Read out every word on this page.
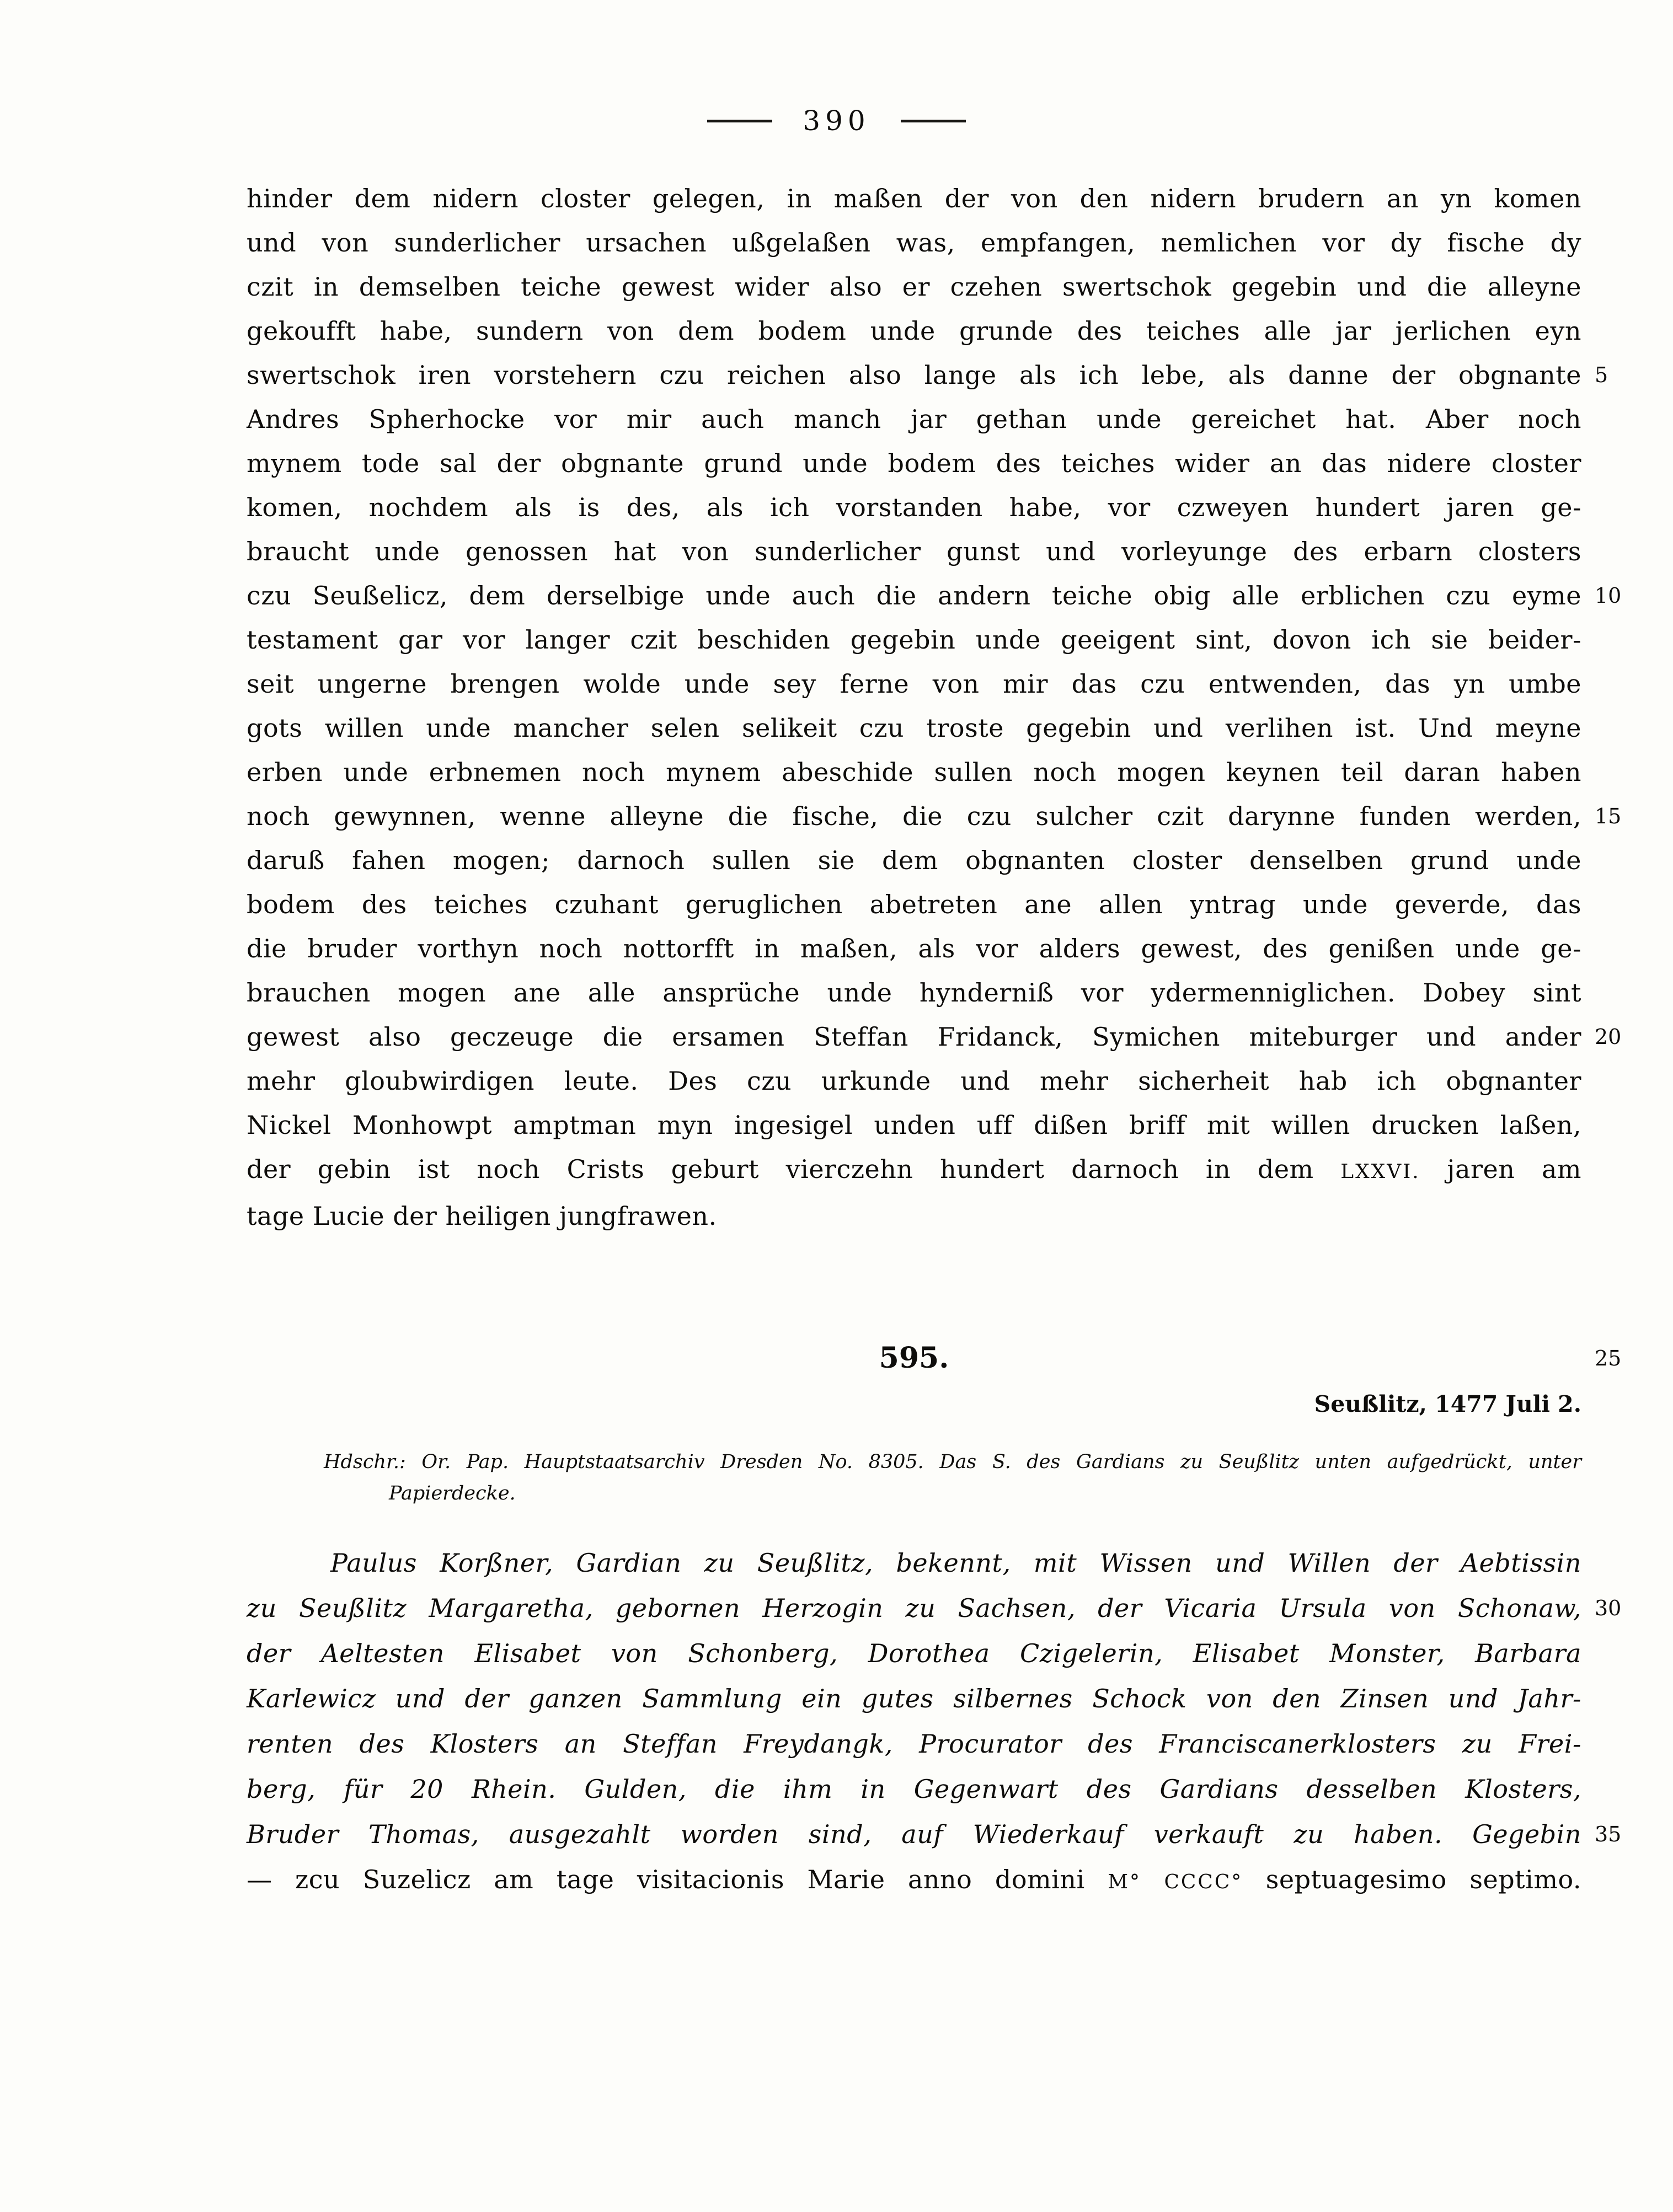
390
hinder dem nidern closter gelegen, in maßen der von den nidern brudern an yn komen
und von sunderlicher ursachen ußgelaßen was, empfangen, nemlichen vor dy fische dy
czit in demselben teiche gewest wider also er czehen swertschok gegebin und die alleyne
gekoufft habe, sundern von dem bodem unde grunde des teiches alle jar jerlichen eyn
swertschok iren vorstehern czu reichen also lange als ich lebe, als danne der obgnante 5
Andres Spherhocke vor mir auch manch jar gethan unde gereichet hat. Aber noch
mynem tode sal der obgnante grund unde bodem des teiches wider an das nidere closter
komen, nochdem als is des, als ich vorstanden habe, vor czweyen hundert jaren ge-
braucht unde genossen hat von sunderlicher gunst und vorleyunge des erbarn closters
czu Seußelicz, dem derselbige unde auch die andern teiche obig alle erblichen czu eyme 10
testament gar vor langer czit beschiden gegebin unde geeigent sint, dovon ich sie beider-
seit ungerne brengen wolde unde sey ferne von mir das czu entwenden, das yn umbe
gots willen unde mancher selen selikeit czu troste gegebin und verlihen ist. Und meyne
erben unde erbnemen noch mynem abeschide sullen noch mogen keynen teil daran haben
noch gewynnen, wenne alleyne die fische, die czu sulcher czit darynne funden werden, 15
daruß fahen mogen; darnoch sullen sie dem obgnanten closter denselben grund unde
bodem des teiches czuhant geruglichen abetreten ane allen yntrag unde geverde, das
die bruder vorthyn noch nottorfft in maßen, als vor alders gewest, des genißen unde ge-
brauchen mogen ane alle ansprüche unde hynderniß vor ydermenniglichen. Dobey sint
gewest also geczeuge die ersamen Steffan Fridanck, Symichen miteburger und ander 20
mehr gloubwirdigen leute. Des czu urkunde und mehr sicherheit hab ich obgnanter
Nickel Monhowpt amptman myn ingesigel unden uff dißen briff mit willen drucken laßen,
der gebin ist noch Crists geburt vierczehn hundert darnoch in dem LXXVI. jaren am
tage Lucie der heiligen jungfrawen.
595.	25
Seußlitz, 1477 Juli 2.
Hdschr.: Or. Pap. Hauptstaatsarchiv Dresden No. 8305. Das S. des Gardians zu Seußlitz unten aufgedrückt, unter
Papierdecke.
Paulus Korßner, Gardian zu Seußlitz, bekennt, mit Wissen und Willen der Aebtissin
zu Seußlitz Margaretha, gebornen Herzogin zu Sachsen, der Vicaria Ursula von Schonaw, 30
der Aeltesten Elisabet von Schonberg, Dorothea Czigelerin, Elisabet Monster, Barbara
Karlewicz und der ganzen Sammlung ein gutes silbernes Schock von den Zinsen und Jahr-
renten des Klosters an Steffan Freydangk, Procurator des Franciscanerklosters zu Frei-
berg, für 20 Rhein. Gulden, die ihm in Gegenwart des Gardians desselben Klosters,
Bruder Thomas, ausgezahlt worden sind, auf Wiederkauf verkauft zu haben. Gegebin 35
— zcu Suzelicz am tage visitacionis Marie anno domini M° CCCC° septuagesimo septimo.
